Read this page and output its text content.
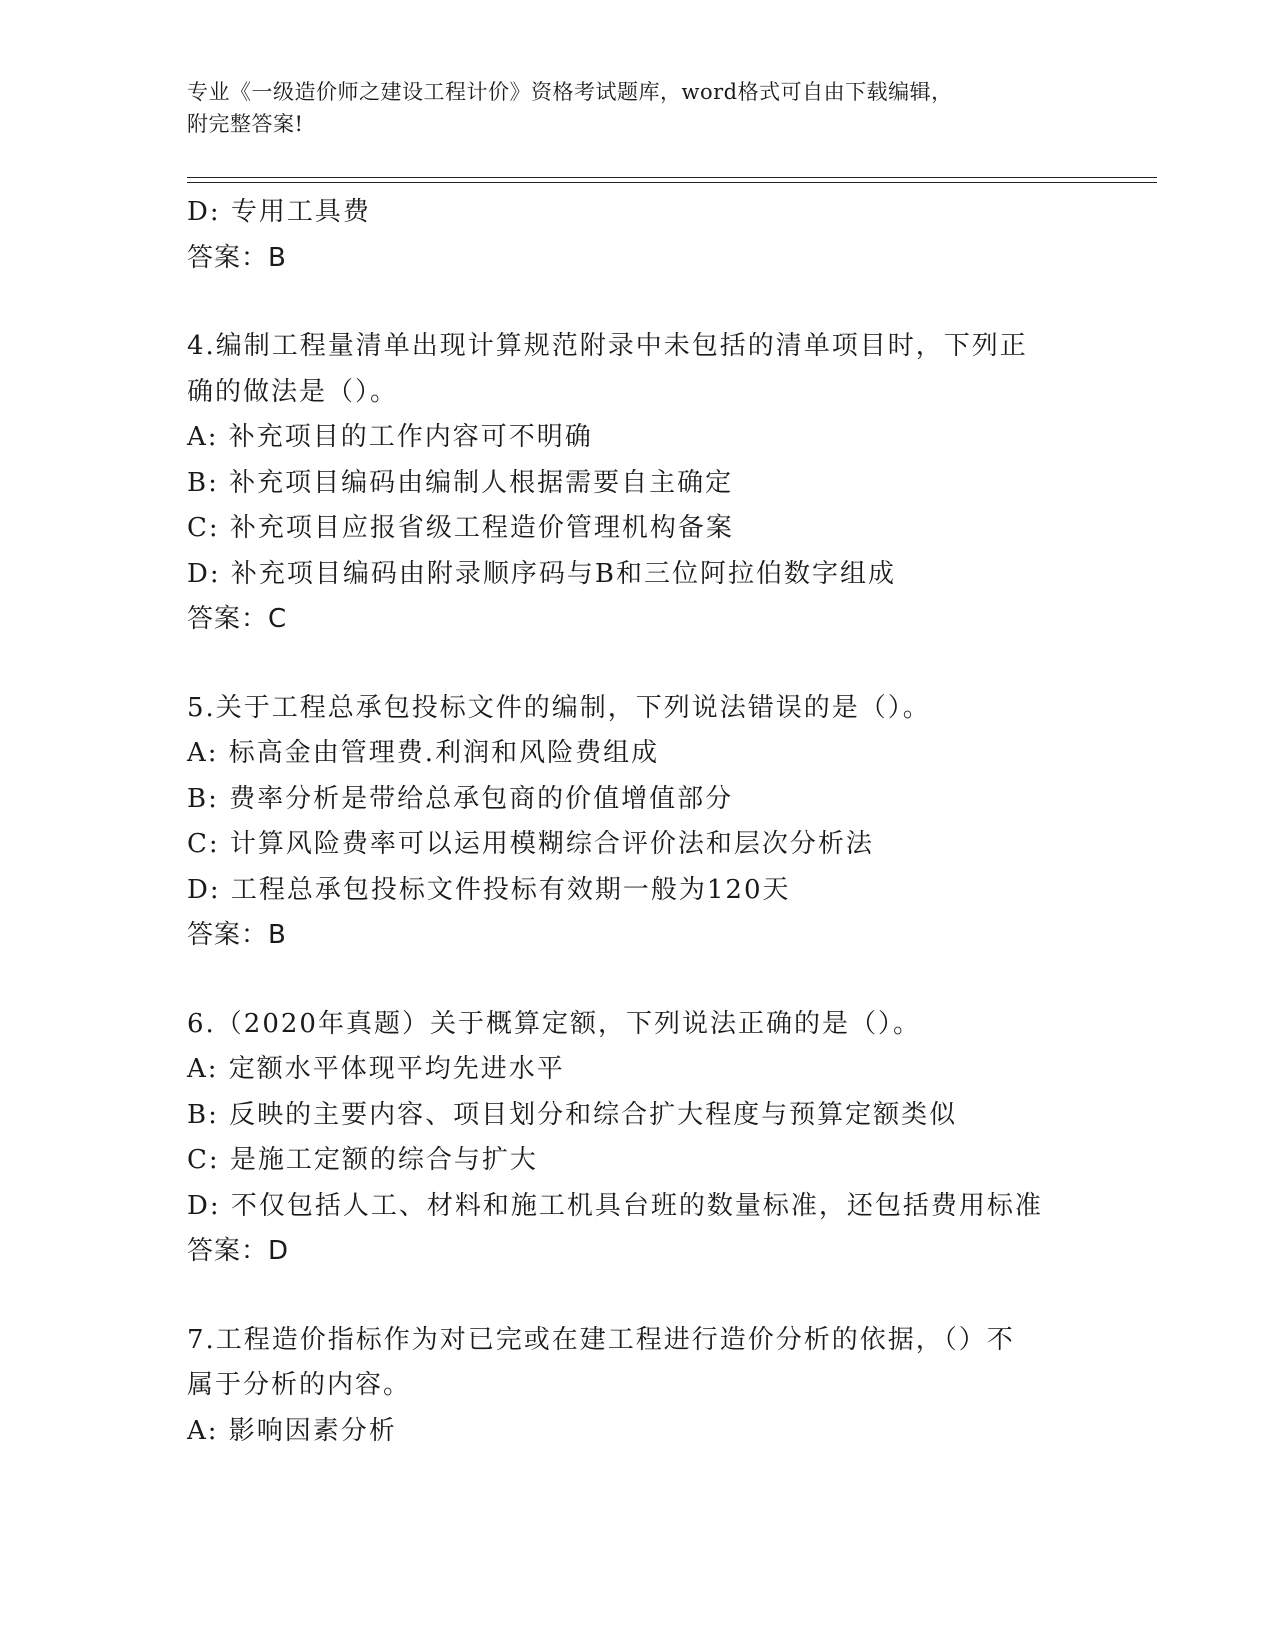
专业《一级造价师之建设工程计价》资格考试题库，word格式可自由下载编辑，
附完整答案!
D: 专用工具费
答案：B
4.编制工程量清单出现计算规范附录中未包括的清单项目时，下列正
确的做法是（）。
A: 补充项目的工作内容可不明确
B: 补充项目编码由编制人根据需要自主确定
C: 补充项目应报省级工程造价管理机构备案
D: 补充项目编码由附录顺序码与B和三位阿拉伯数字组成
答案：C
5.关于工程总承包投标文件的编制，下列说法错误的是（）。
A: 标高金由管理费.利润和风险费组成
B: 费率分析是带给总承包商的价值增值部分
C: 计算风险费率可以运用模糊综合评价法和层次分析法
D: 工程总承包投标文件投标有效期一般为120天
答案：B
6.（2020年真题）关于概算定额，下列说法正确的是（）。
A: 定额水平体现平均先进水平
B: 反映的主要内容、项目划分和综合扩大程度与预算定额类似
C: 是施工定额的综合与扩大
D: 不仅包括人工、材料和施工机具台班的数量标准，还包括费用标准
答案：D
7.工程造价指标作为对已完或在建工程进行造价分析的依据，（）不
属于分析的内容。
A: 影响因素分析
